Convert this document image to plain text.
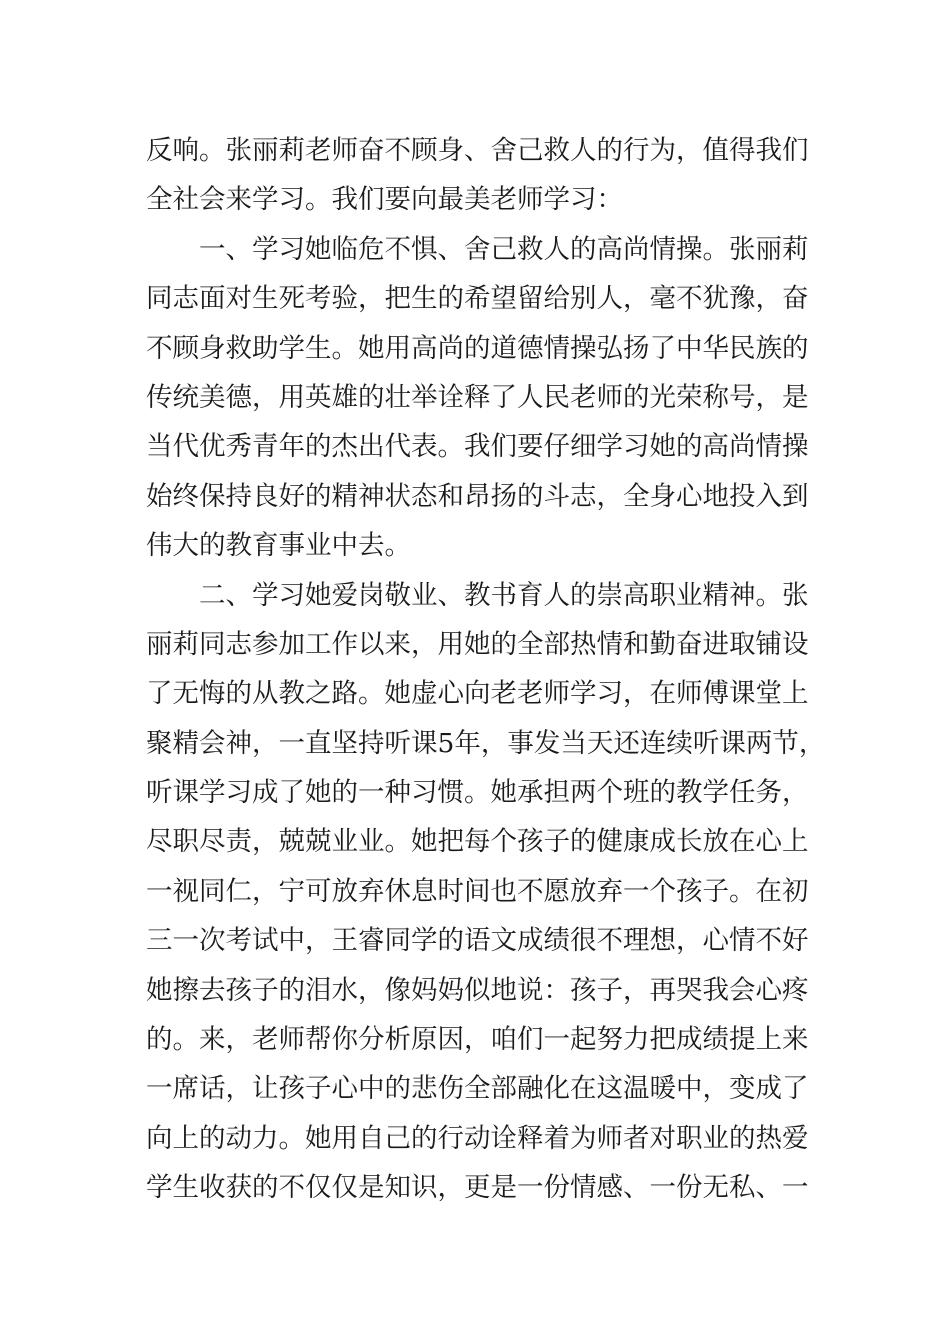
反响。张丽莉老师奋不顾身、舍己救人的行为，值得我们
全社会来学习。我们要向最美老师学习：
一、学习她临危不惧、舍己救人的高尚情操。张丽莉
同志面对生死考验，把生的希望留给别人，毫不犹豫，奋
不顾身救助学生。她用高尚的道德情操弘扬了中华民族的
传统美德，用英雄的壮举诠释了人民老师的光荣称号，是
当代优秀青年的杰出代表。我们要仔细学习她的高尚情操
始终保持良好的精神状态和昂扬的斗志，全身心地投入到
伟大的教育事业中去。
二、学习她爱岗敬业、教书育人的崇高职业精神。张
丽莉同志参加工作以来，用她的全部热情和勤奋进取铺设
了无悔的从教之路。她虚心向老老师学习，在师傅课堂上
聚精会神，一直坚持听课5年，事发当天还连续听课两节，
听课学习成了她的一种习惯。她承担两个班的教学任务，
尽职尽责，兢兢业业。她把每个孩子的健康成长放在心上
一视同仁，宁可放弃休息时间也不愿放弃一个孩子。在初
三一次考试中，王睿同学的语文成绩很不理想，心情不好
她擦去孩子的泪水，像妈妈似地说：孩子，再哭我会心疼
的。来，老师帮你分析原因，咱们一起努力把成绩提上来
一席话，让孩子心中的悲伤全部融化在这温暖中，变成了
向上的动力。她用自己的行动诠释着为师者对职业的热爱
学生收获的不仅仅是知识，更是一份情感、一份无私、一
